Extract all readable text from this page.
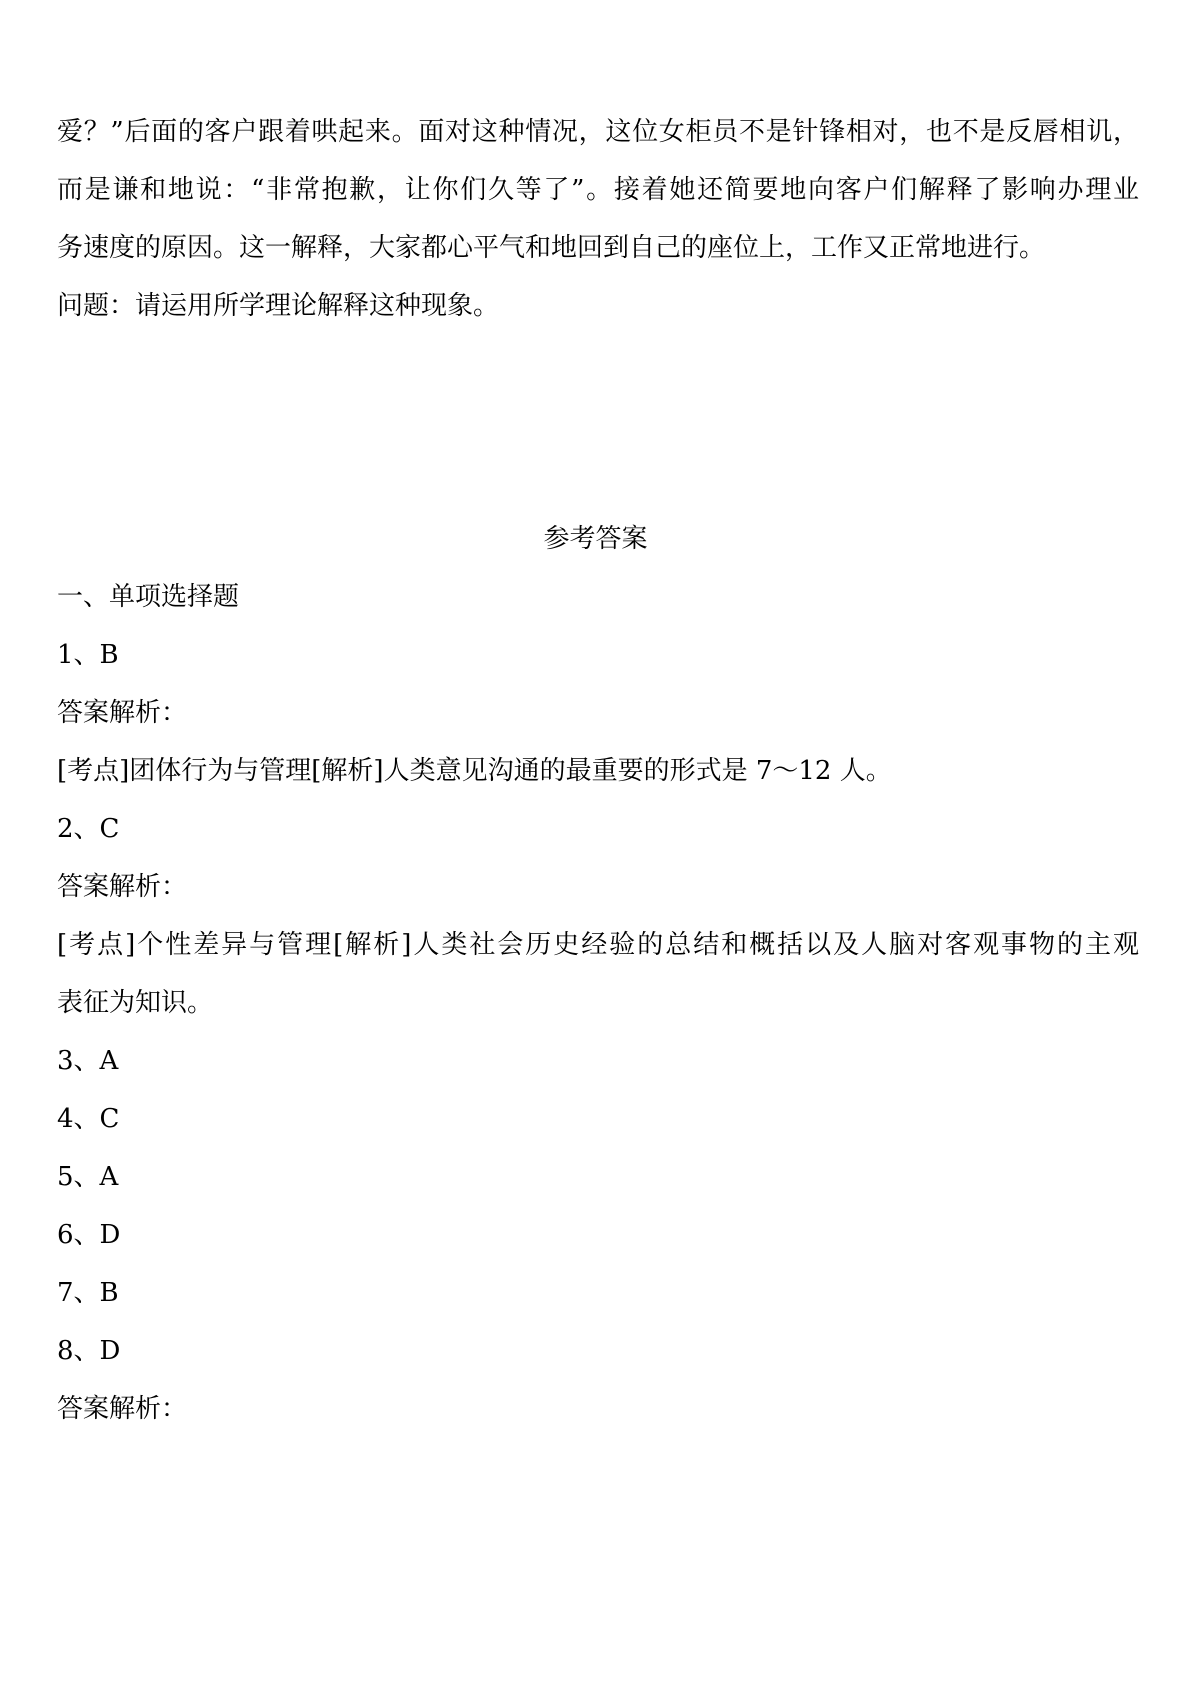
爱？”后面的客户跟着哄起来。面对这种情况，这位女柜员不是针锋相对，也不是反唇相讥，
而是谦和地说：“非常抱歉，让你们久等了”。接着她还简要地向客户们解释了影响办理业
务速度的原因。这一解释，大家都心平气和地回到自己的座位上，工作又正常地进行。
问题：请运用所学理论解释这种现象。
参考答案
一、单项选择题
1、B
答案解析：
[考点]团体行为与管理[解析]人类意见沟通的最重要的形式是 7～12 人。
2、C
答案解析：
[考点]个性差异与管理[解析]人类社会历史经验的总结和概括以及人脑对客观事物的主观
表征为知识。
3、A
4、C
5、A
6、D
7、B
8、D
答案解析：
